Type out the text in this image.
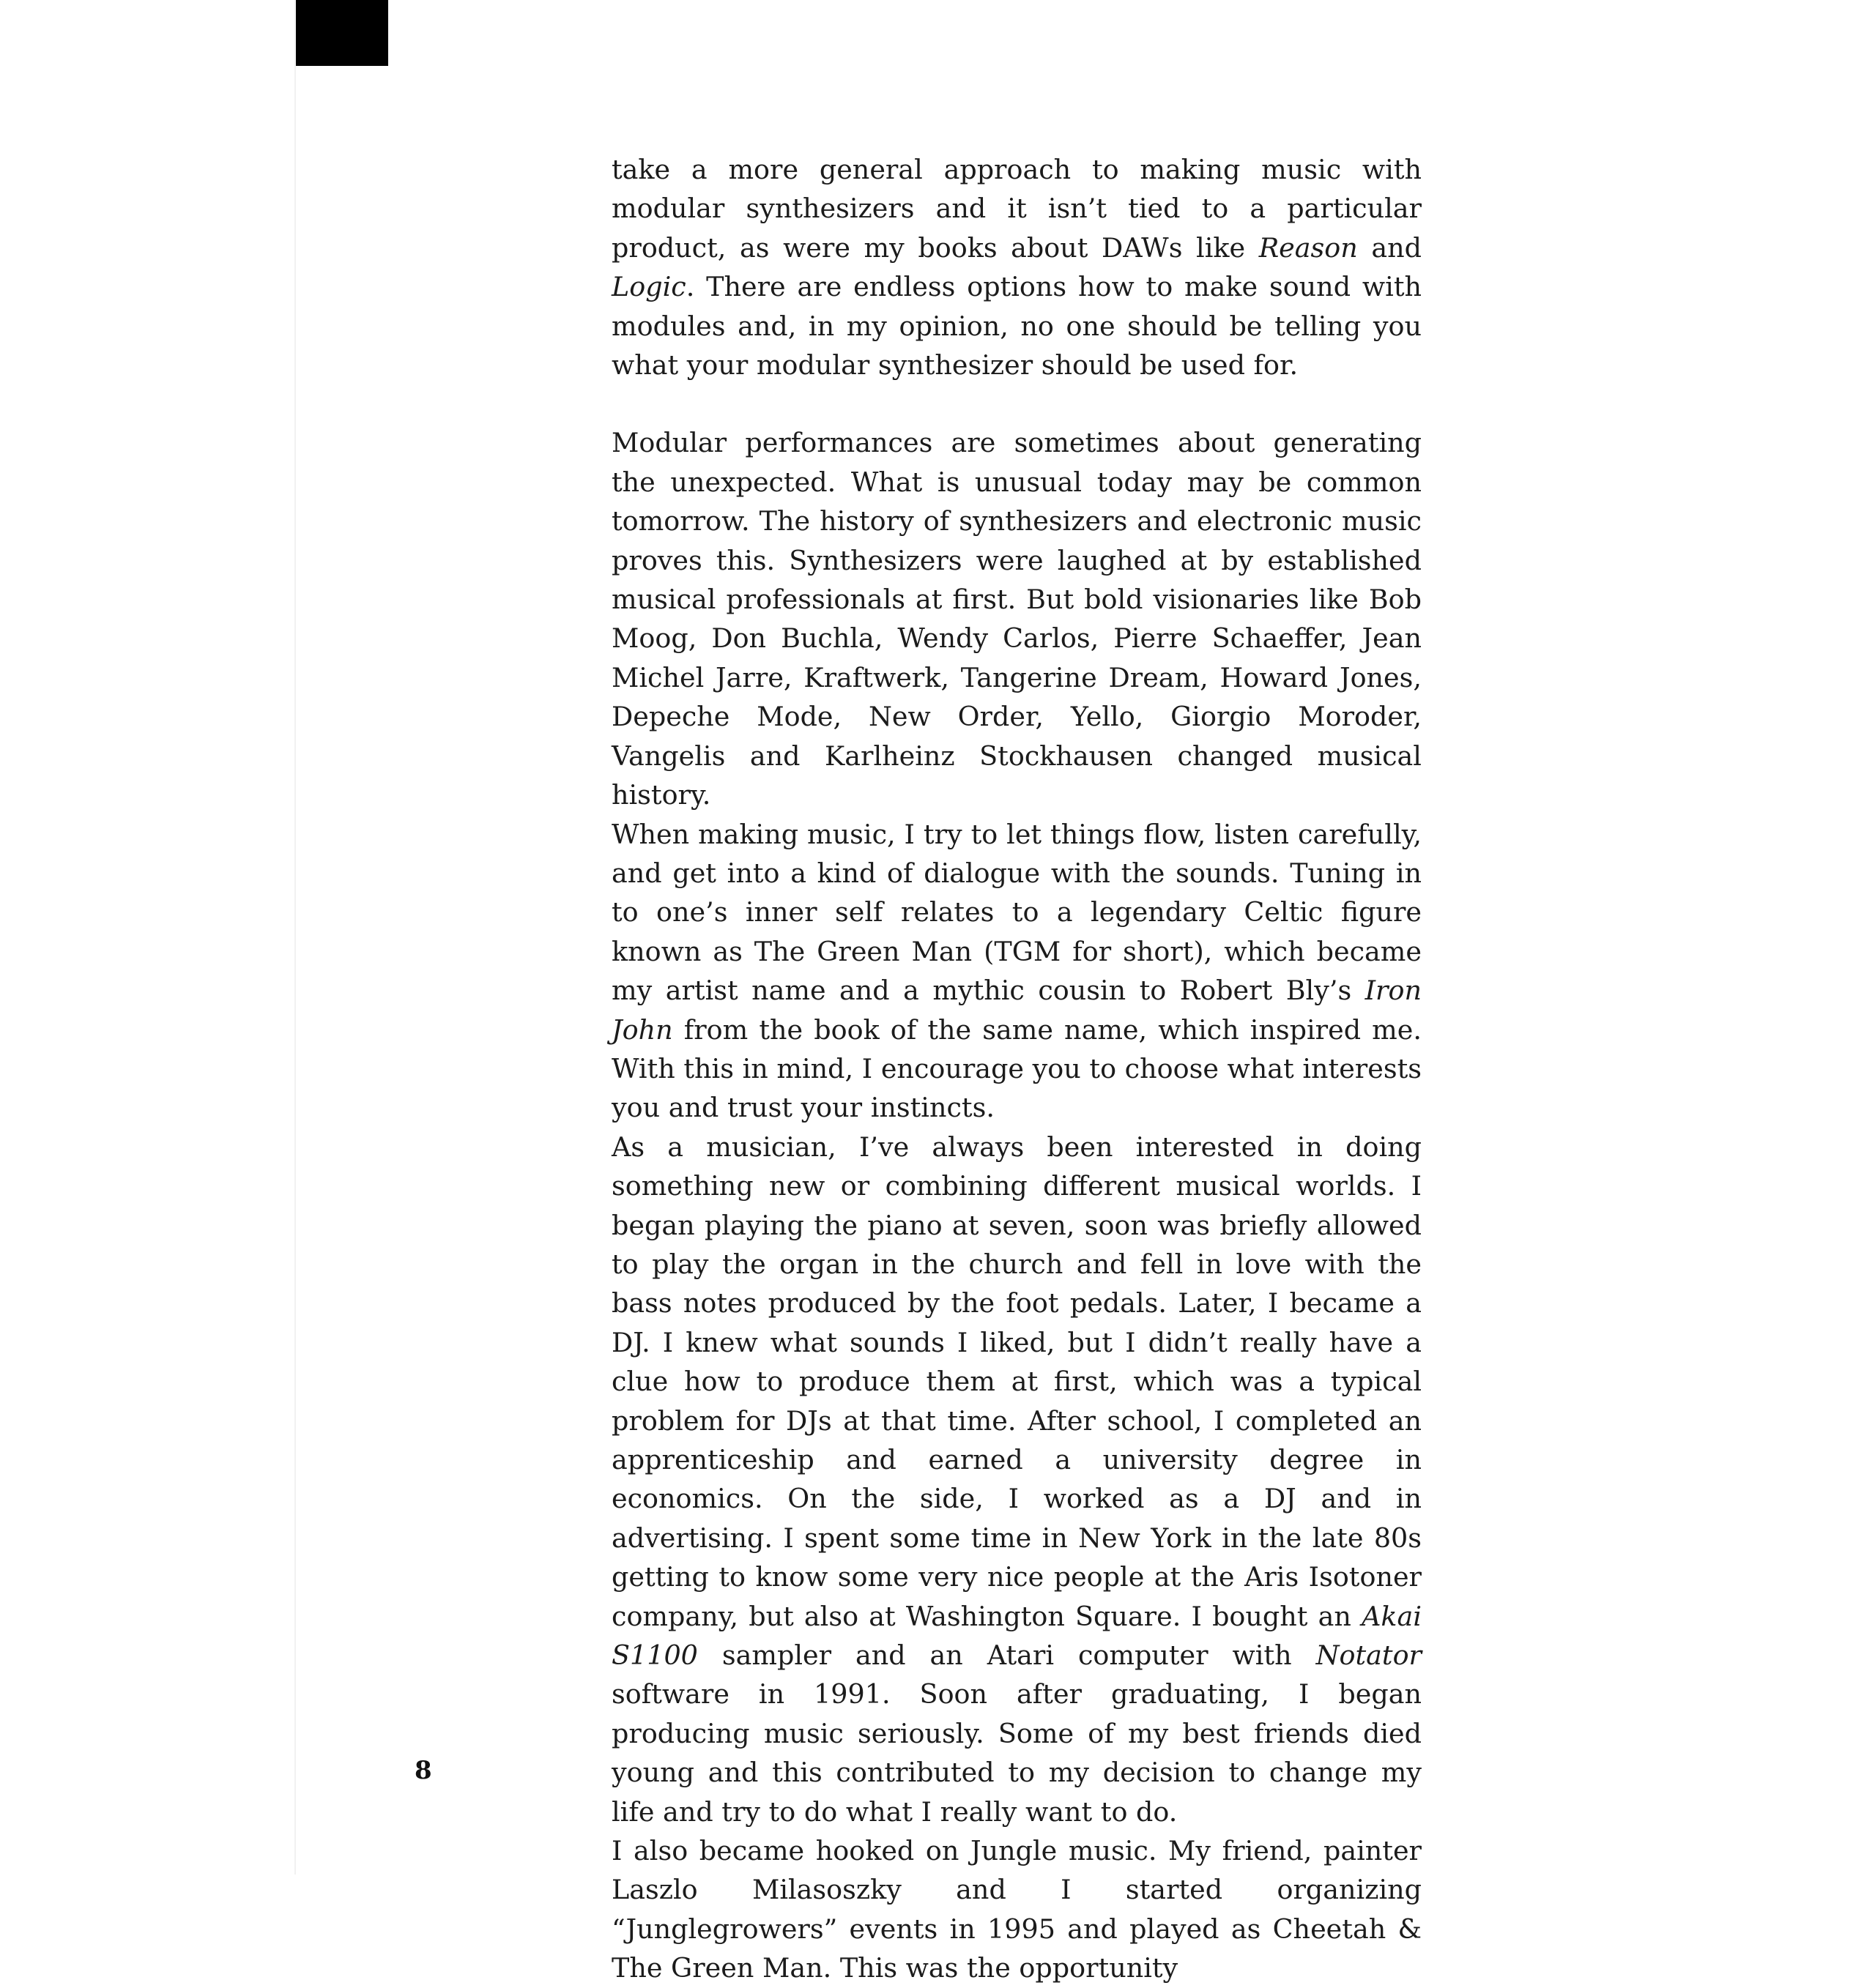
take a more general approach to making music with modular synthesizers and it isn’t tied to a particular product, as were my books about DAWs like Reason and Logic. There are endless options how to make sound with modules and, in my opinion, no one should be telling you what your modular synthesizer should be used for.

Modular performances are sometimes about generating the unexpected. What is unusual today may be common tomorrow. The history of synthesizers and electronic music proves this. Synthesizers were laughed at by established musical professionals at first. But bold visionaries like Bob Moog, Don Buchla, Wendy Carlos, Pierre Schaeffer, Jean Michel Jarre, Kraftwerk, Tangerine Dream, Howard Jones, Depeche Mode, New Order, Yello, Giorgio Moroder, Vangelis and Karlheinz Stockhausen changed musical history.

When making music, I try to let things flow, listen carefully, and get into a kind of dialogue with the sounds. Tuning in to one’s inner self relates to a legendary Celtic figure known as The Green Man (TGM for short), which became my artist name and a mythic cousin to Robert Bly’s Iron John from the book of the same name, which inspired me. With this in mind, I encourage you to choose what interests you and trust your instincts.

As a musician, I’ve always been interested in doing something new or combining different musical worlds. I began playing the piano at seven, soon was briefly allowed to play the organ in the church and fell in love with the bass notes produced by the foot pedals. Later, I became a DJ. I knew what sounds I liked, but I didn’t really have a clue how to produce them at first, which was a typical problem for DJs at that time. After school, I completed an apprenticeship and earned a university degree in economics. On the side, I worked as a DJ and in advertising. I spent some time in New York in the late 80s getting to know some very nice people at the Aris Isotoner company, but also at Washington Square. I bought an Akai S1100 sampler and an Atari computer with Notator software in 1991. Soon after graduating, I began producing music seriously. Some of my best friends died young and this contributed to my decision to change my life and try to do what I really want to do.

I also became hooked on Jungle music. My friend, painter Laszlo Milasoszky and I started organizing “Junglegrowers” events in 1995 and played as Cheetah & The Green Man. This was the opportunity

8
